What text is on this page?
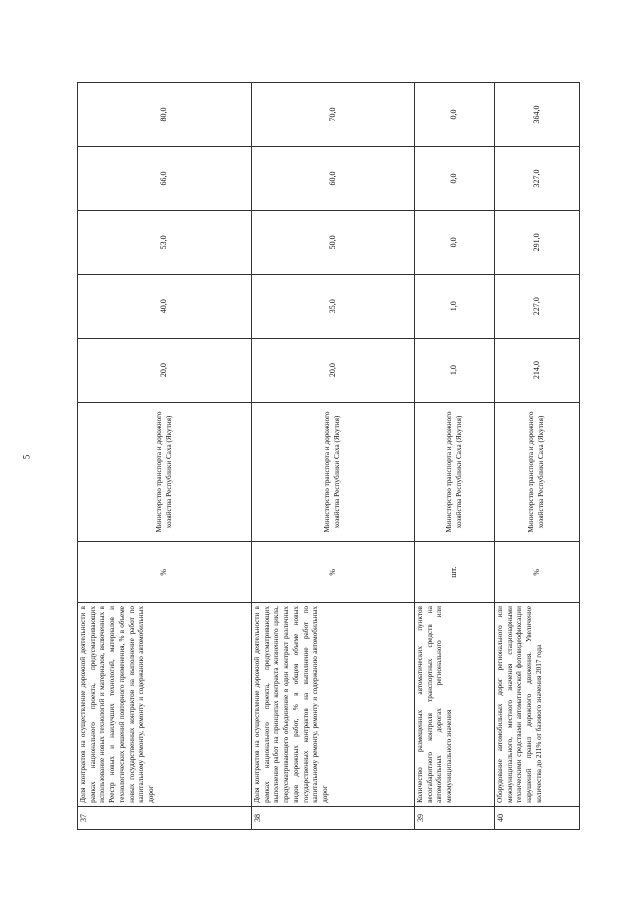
5
37	Доля контрактов на осуществление дорожной деятельности в рамках национального проекта, предусматривающих использование новых технологий и материалов, включенных в Реестр новых и наилучших технологий, материалов и технологических решений повторного применения, % в объеме новых государственных контрактов на выполнение работ по капитальному ремонту, ремонту и содержанию автомобильных дорог	%	Министерство транспорта и дорожного хозяйства Республики Саха (Якутия)	20,0	40,0	53,0	66,0	80,0
38	Доля контрактов на осуществление дорожной деятельности в рамках национального проекта, предусматривающих выполнение работ на принципах контракта жизненного цикла, предусматривающего объединение в один контракт различных видов дорожных работ, % в общем объеме новых государственных контрактов на выполнение работ по капитальному ремонту, ремонту и содержанию автомобильных дорог	%	Министерство транспорта и дорожного хозяйства Республики Саха (Якутия)	20,0	35,0	50,0	60,0	70,0
39	Количество размещенных автоматических пунктов весогабаритного контроля транспортных средств на автомобильных дорогах регионального или межмуниципального значения	шт.	Министерство транспорта и дорожного хозяйства Республики Саха (Якутия)	1,0	1,0	0,0	0,0	0,0
40	Оборудование автомобильных дорог регионального или межмуниципального, местного значения стационарными техническими средствами автоматической фотовидеофиксации нарушений правил дорожного движения. Увеличение количества до 211% от базового значения 2017 года	%	Министерство транспорта и дорожного хозяйства Республики Саха (Якутия)	214,0	227,0	291,0	327,0	364,0
